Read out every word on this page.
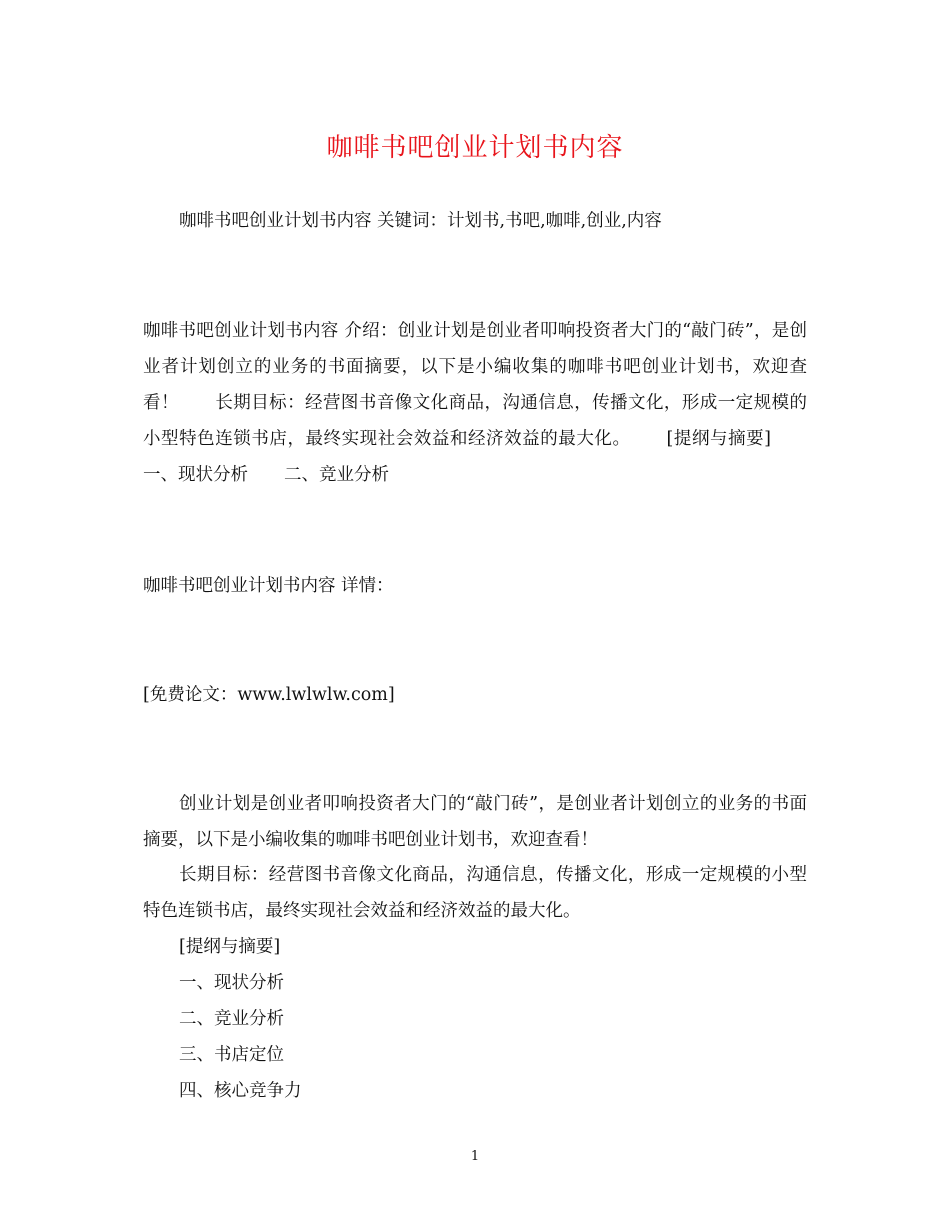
咖啡书吧创业计划书内容

咖啡书吧创业计划书内容 关键词：计划书,书吧,咖啡,创业,内容

咖啡书吧创业计划书内容 介绍：创业计划是创业者叩响投资者大门的“敲门砖”，是创业者计划创立的业务的书面摘要，以下是小编收集的咖啡书吧创业计划书，欢迎查看！ 长期目标：经营图书音像文化商品，沟通信息，传播文化，形成一定规模的小型特色连锁书店，最终实现社会效益和经济效益的最大化。 [提纲与摘要]一、现状分析 二、竞业分析

咖啡书吧创业计划书内容 详情：

[免费论文：www.lwlwlw.com]

创业计划是创业者叩响投资者大门的“敲门砖”，是创业者计划创立的业务的书面摘要，以下是小编收集的咖啡书吧创业计划书，欢迎查看！

长期目标：经营图书音像文化商品，沟通信息，传播文化，形成一定规模的小型特色连锁书店，最终实现社会效益和经济效益的最大化。

[提纲与摘要]
一、现状分析
二、竞业分析
三、书店定位
四、核心竞争力
1
